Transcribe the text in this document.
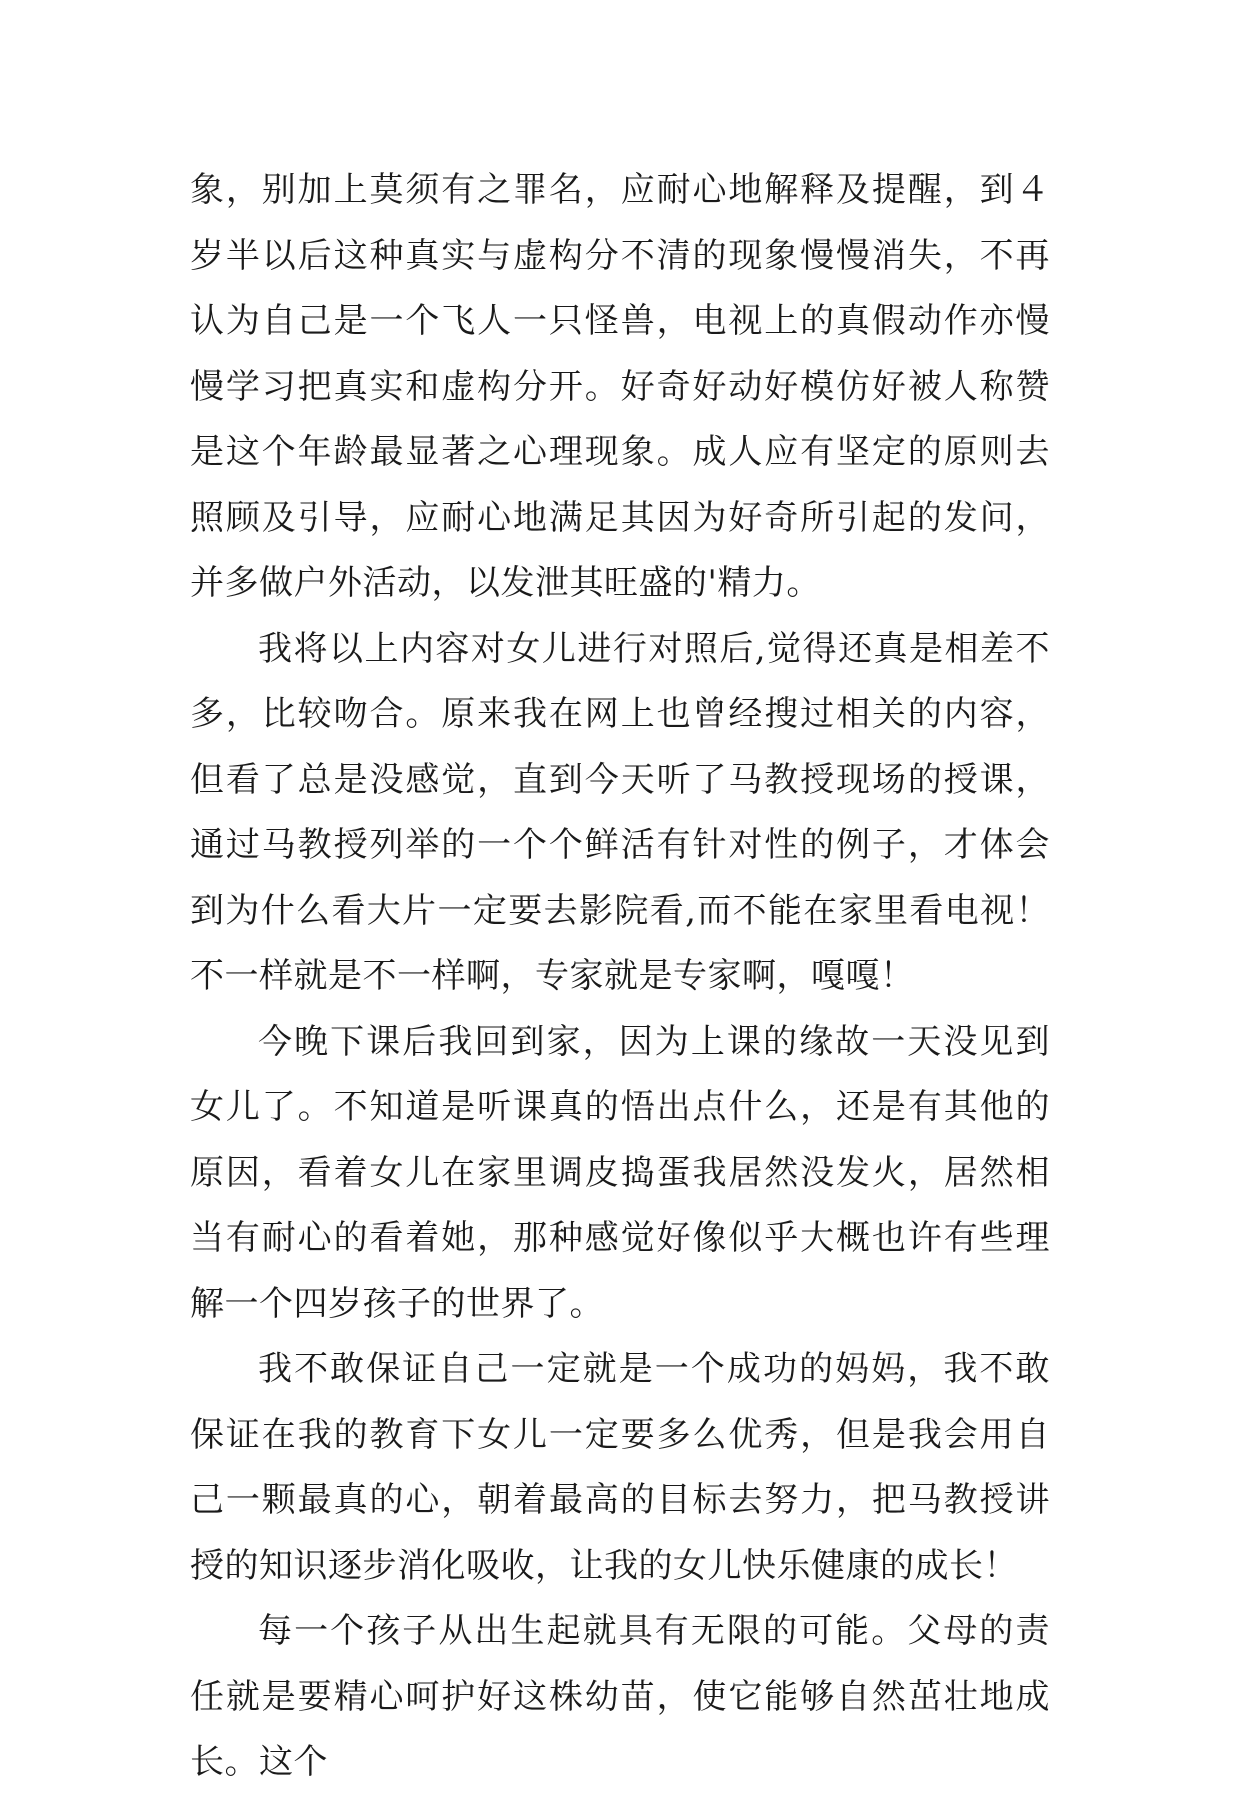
象，别加上莫须有之罪名，应耐心地解释及提醒，到４岁半以后这种真实与虚构分不清的现象慢慢消失，不再认为自己是一个飞人一只怪兽，电视上的真假动作亦慢慢学习把真实和虚构分开。好奇好动好模仿好被人称赞是这个年龄最显著之心理现象。成人应有坚定的原则去照顾及引导，应耐心地满足其因为好奇所引起的发问，并多做户外活动，以发泄其旺盛的'精力。

我将以上内容对女儿进行对照后,觉得还真是相差不多，比较吻合。原来我在网上也曾经搜过相关的内容，但看了总是没感觉，直到今天听了马教授现场的授课，通过马教授列举的一个个鲜活有针对性的例子，才体会到为什么看大片一定要去影院看,而不能在家里看电视！不一样就是不一样啊，专家就是专家啊，嘎嘎！

今晚下课后我回到家，因为上课的缘故一天没见到女儿了。不知道是听课真的悟出点什么，还是有其他的原因，看着女儿在家里调皮捣蛋我居然没发火，居然相当有耐心的看着她，那种感觉好像似乎大概也许有些理解一个四岁孩子的世界了。

我不敢保证自己一定就是一个成功的妈妈，我不敢保证在我的教育下女儿一定要多么优秀，但是我会用自己一颗最真的心，朝着最高的目标去努力，把马教授讲授的知识逐步消化吸收，让我的女儿快乐健康的成长！

每一个孩子从出生起就具有无限的可能。父母的责任就是要精心呵护好这株幼苗，使它能够自然茁壮地成长。这个
